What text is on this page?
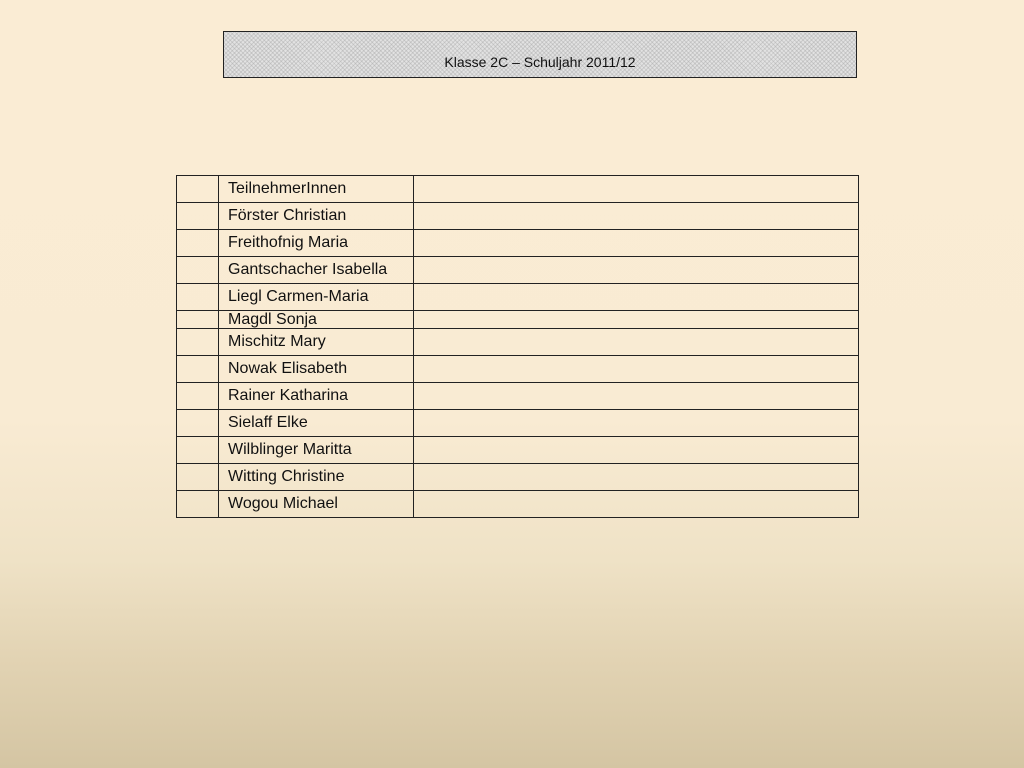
Klasse 2C – Schuljahr 2011/12
	TeilnehmerInnen	
	Förster Christian	
	Freithofnig Maria	
	Gantschacher Isabella	
	Liegl Carmen-Maria	
	Magdl Sonja	
	Mischitz Mary	
	Nowak Elisabeth	
	Rainer Katharina	
	Sielaff Elke	
	Wilblinger Maritta	
	Witting Christine	
	Wogou Michael	
